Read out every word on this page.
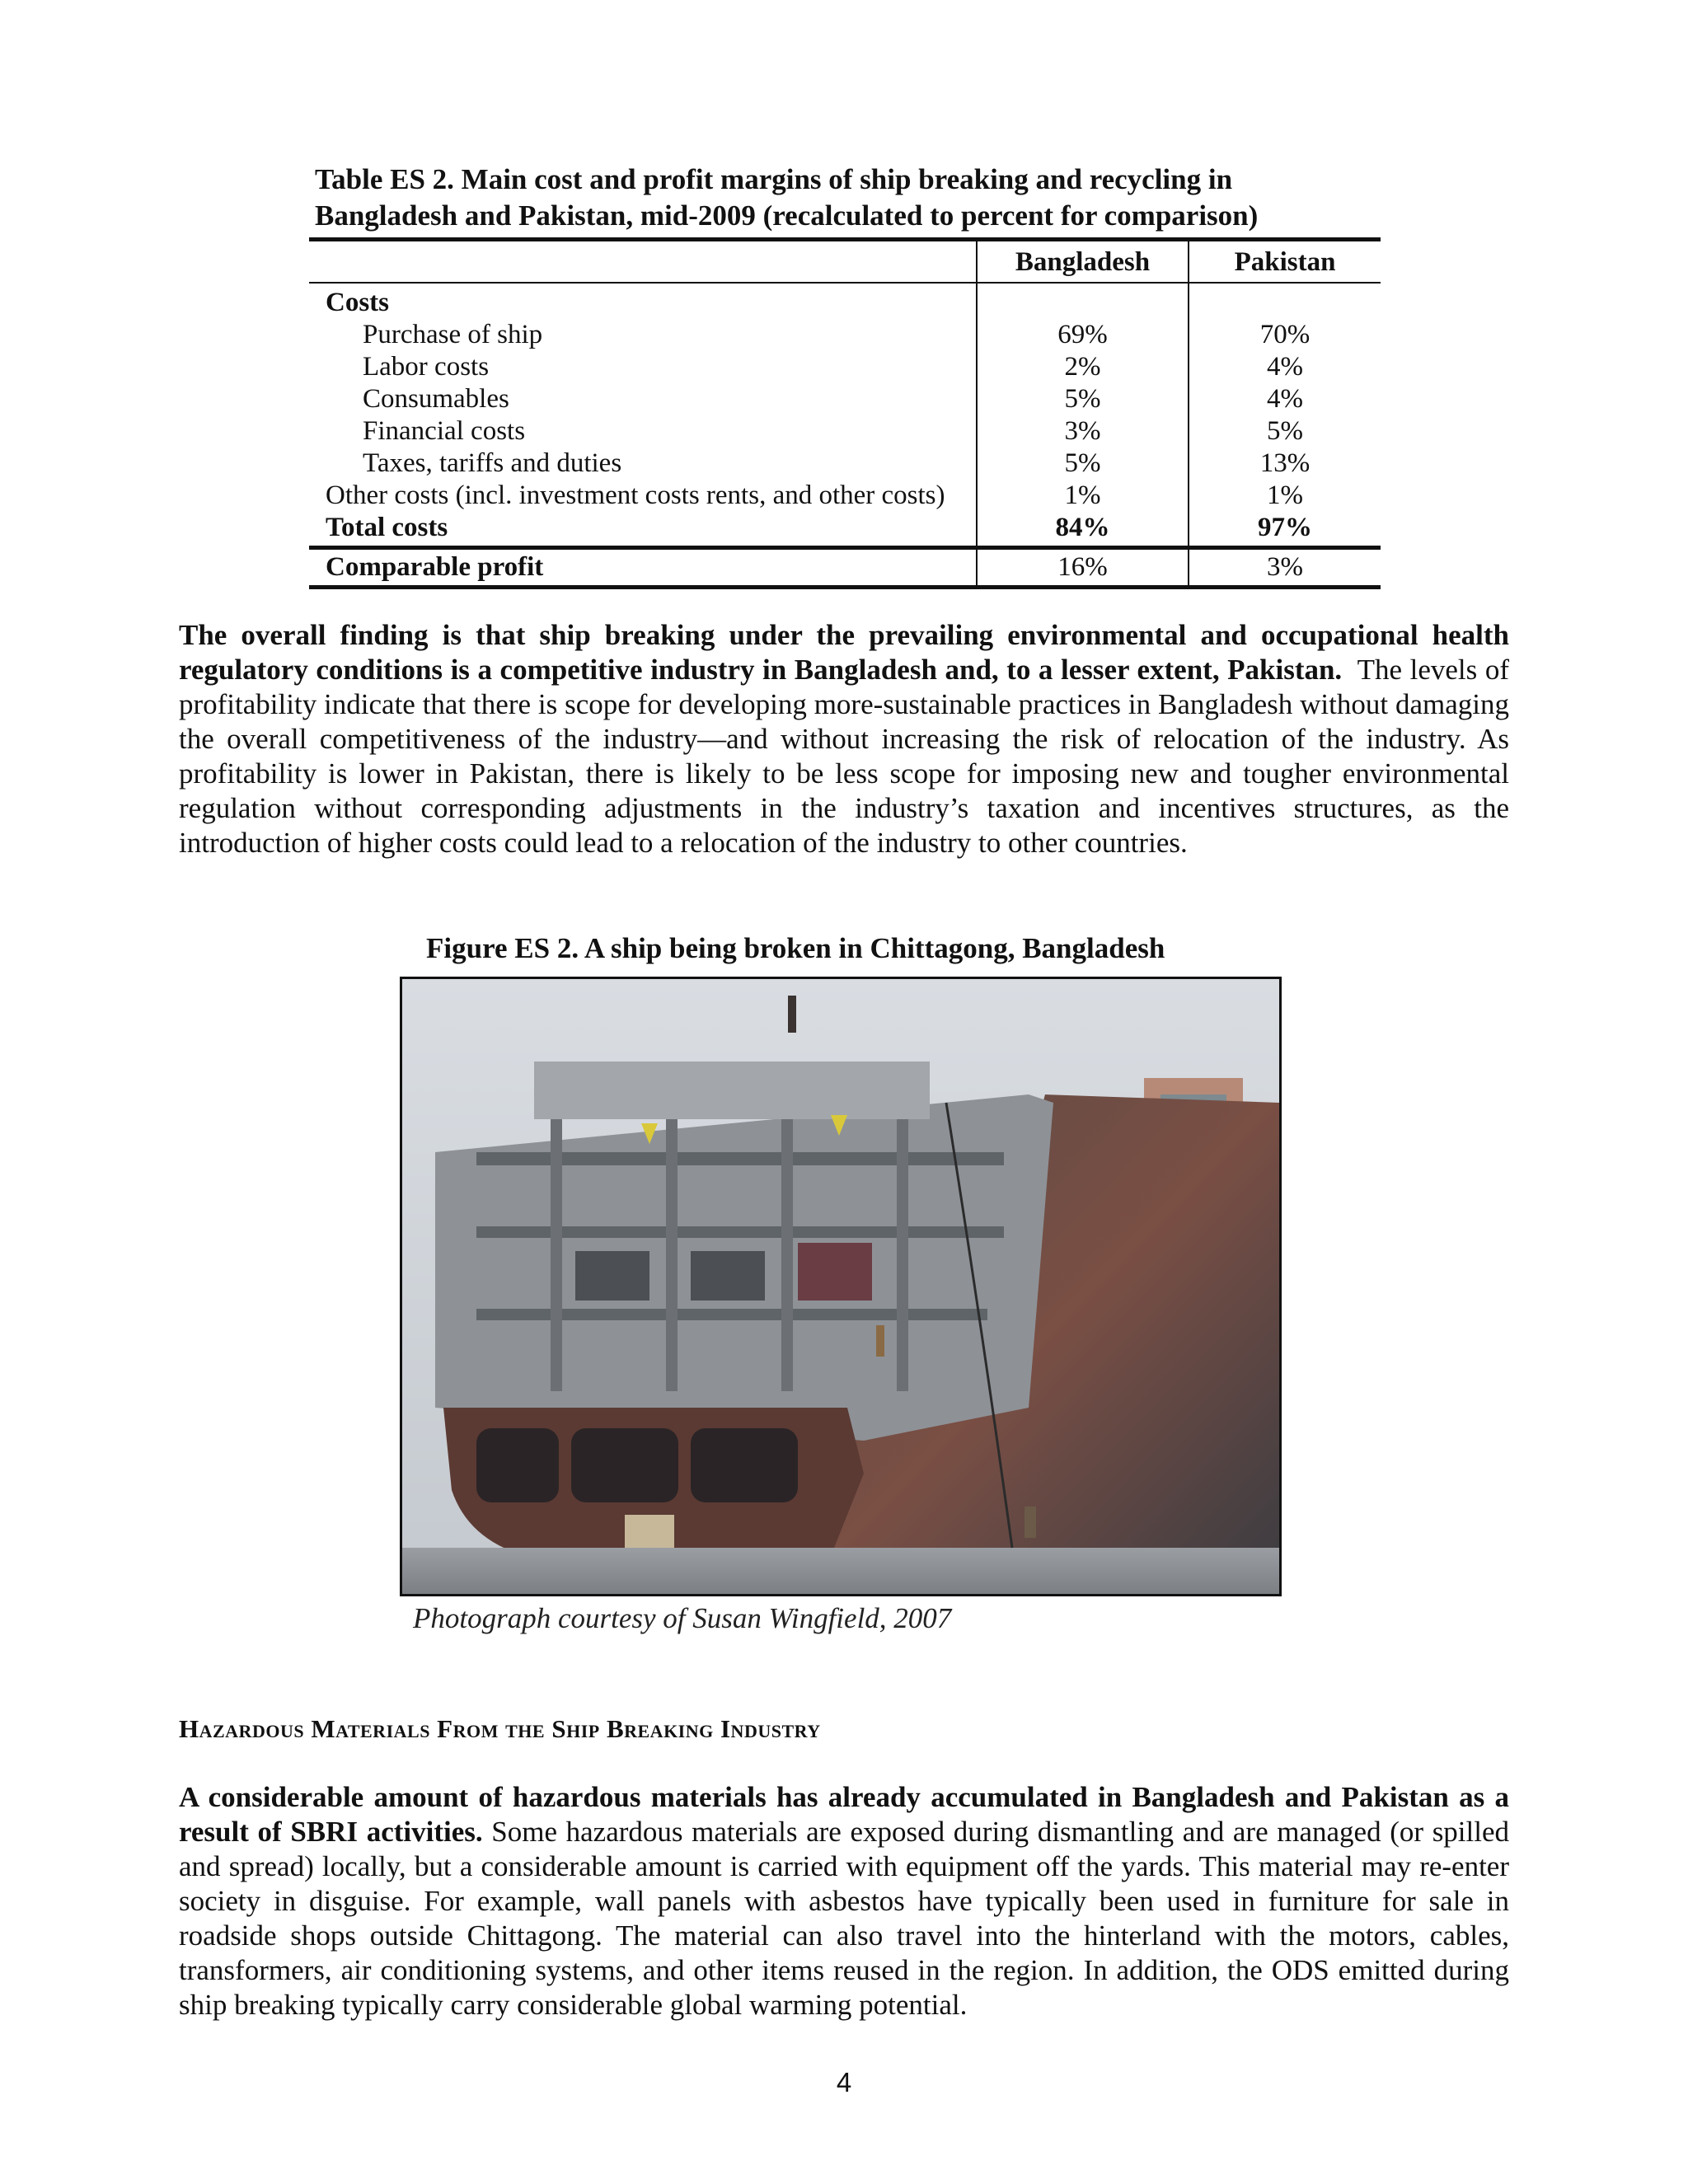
Table ES 2. Main cost and profit margins of ship breaking and recycling in
Bangladesh and Pakistan, mid-2009 (recalculated to percent for comparison)
	Bangladesh	Pakistan
Costs		
Purchase of ship	69%	70%
Labor costs	2%	4%
Consumables	5%	4%
Financial costs	3%	5%
Taxes, tariffs and duties	5%	13%
Other costs (incl. investment costs rents, and other costs)	1%	1%
Total costs	84%	97%
Comparable profit	16%	3%

The overall finding is that ship breaking under the prevailing environmental and occupational health regulatory conditions is a competitive industry in Bangladesh and, to a lesser extent, Pakistan. The levels of profitability indicate that there is scope for developing more-sustainable practices in Bangladesh without damaging the overall competitiveness of the industry—and without increasing the risk of relocation of the industry. As profitability is lower in Pakistan, there is likely to be less scope for imposing new and tougher environmental regulation without corresponding adjustments in the industry’s taxation and incentives structures, as the introduction of higher costs could lead to a relocation of the industry to other countries.

Figure ES 2. A ship being broken in Chittagong, Bangladesh
Photograph courtesy of Susan Wingfield, 2007
Hazardous Materials From the Ship Breaking Industry

A considerable amount of hazardous materials has already accumulated in Bangladesh and Pakistan as a result of SBRI activities. Some hazardous materials are exposed during dismantling and are managed (or spilled and spread) locally, but a considerable amount is carried with equipment off the yards. This material may re-enter society in disguise. For example, wall panels with asbestos have typically been used in furniture for sale in roadside shops outside Chittagong. The material can also travel into the hinterland with the motors, cables, transformers, air conditioning systems, and other items reused in the region. In addition, the ODS emitted during ship breaking typically carry considerable global warming potential.

4
